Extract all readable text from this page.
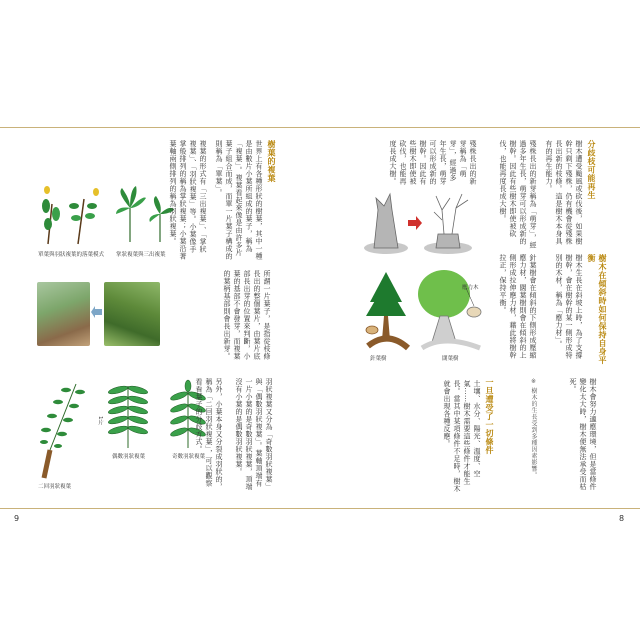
單葉與羽狀複葉的落葉模式 掌狀複葉與三出複葉
1片
二回羽狀複葉
偶數羽狀複葉	奇數羽狀複葉
樹葉的複葉
世界上有各種形狀的樹葉，其中一種是由數片小葉所組成的葉子，稱為「複葉」。複葉看起來像是由許多片葉子組合而成，而單一片葉子構成的則稱為「單葉」。
複葉的形式有「三出複葉」、「掌狀複葉」、「羽狀複葉」等。小葉像手掌般排列的稱為掌狀複葉；小葉沿著葉軸兩側排列的稱為羽狀複葉。
所謂一片葉子，是指從枝條長出的整個葉片，由葉片底部長出芽的位置來判斷，小葉的基部不會發芽，而複葉的葉柄基部則會長出新芽。
羽狀複葉又分為「奇數羽狀複葉」與「偶數羽狀複葉」。葉軸頂端有一片小葉的是奇數羽狀複葉，頂端沒有小葉的是偶數羽狀複葉。
另外，小葉本身又分裂成羽狀的，稱為「二回羽狀複葉」，可以觀察看看葉子的分歧方式。
9
應力木
針葉樹	闊葉樹
分歧枝可能再生
樹木遭受颱風或砍伐後，如果樹幹只剩下殘株，仍有機會從殘株長出新的枝條。這是樹木本身具有的再生能力。
殘株長出的新芽稱為「萌芽」，經過多年生長，萌芽可以形成新的樹幹。因此有些樹木即使被砍伐，也能再度長成大樹。
殘株長出的新芽稱為「萌芽」，經過多年生長，萌芽可以形成新的樹幹。因此有些樹木即使被砍伐，也能再度長成大樹。
樹木在傾斜時如何保持自身平衡
樹木生長在斜坡上時，為了支撐樹幹，會在樹幹的某一側形成特別的木材，稱為「應力材」。
針葉樹會在傾斜的下側形成壓縮應力材，闊葉樹則會在傾斜的上側形成拉伸應力材，藉此將樹幹拉正，保持平衡。
一旦遭受了一切條件
土壤、水分、陽光、溫度、空氣……樹木需要這些條件才能生長。當其中某項條件不足時，樹木就會出現各種反應。	樹木會努力適應環境，但是當條件變化太大時，樹木便無法承受而枯死。
※ 樹木的生長受到多種因素影響。
8
